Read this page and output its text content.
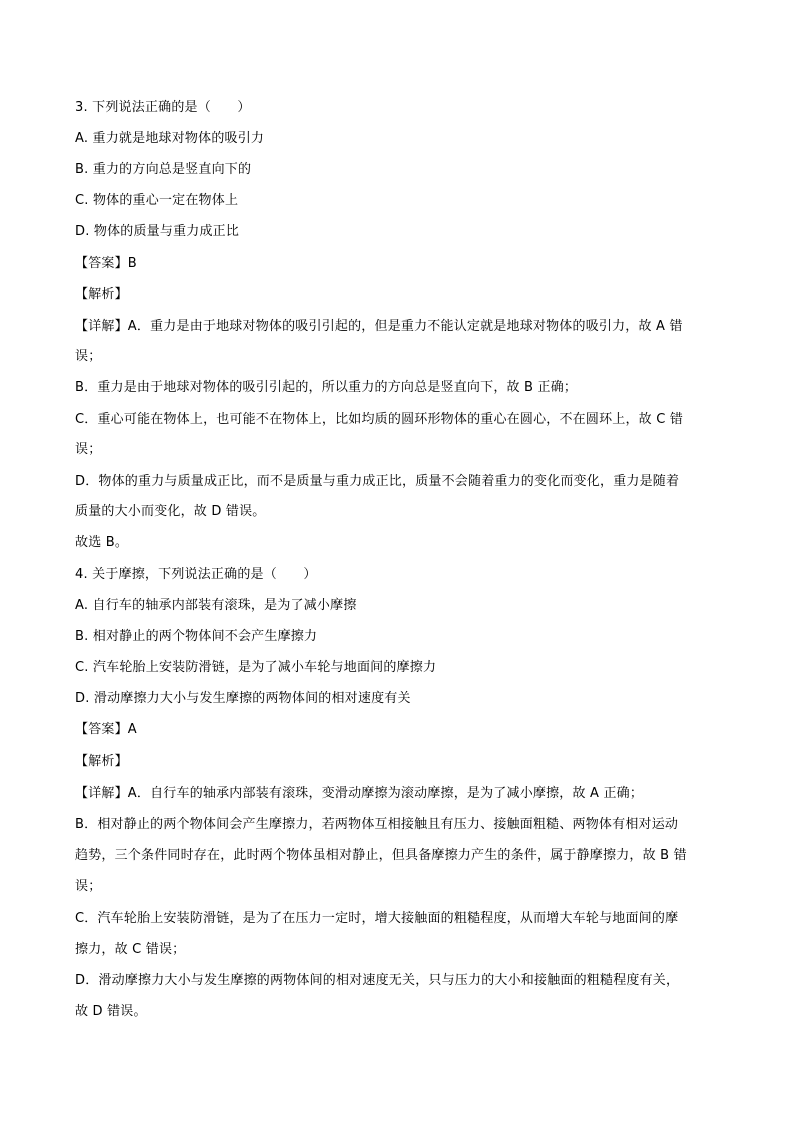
3. 下列说法正确的是（　　）
A. 重力就是地球对物体的吸引力
B. 重力的方向总是竖直向下的
C. 物体的重心一定在物体上
D. 物体的质量与重力成正比
【答案】B
【解析】
【详解】A．重力是由于地球对物体的吸引引起的，但是重力不能认定就是地球对物体的吸引力，故 A 错
误；
B．重力是由于地球对物体的吸引引起的，所以重力的方向总是竖直向下，故 B 正确；
C．重心可能在物体上，也可能不在物体上，比如均质的圆环形物体的重心在圆心，不在圆环上，故 C 错
误；
D．物体的重力与质量成正比，而不是质量与重力成正比，质量不会随着重力的变化而变化，重力是随着
质量的大小而变化，故 D 错误。
故选 B。
4. 关于摩擦，下列说法正确的是（　　）
A. 自行车的轴承内部装有滚珠，是为了减小摩擦
B. 相对静止的两个物体间不会产生摩擦力
C. 汽车轮胎上安装防滑链，是为了减小车轮与地面间的摩擦力
D. 滑动摩擦力大小与发生摩擦的两物体间的相对速度有关
【答案】A
【解析】
【详解】A．自行车的轴承内部装有滚珠，变滑动摩擦为滚动摩擦，是为了减小摩擦，故 A 正确；
B．相对静止的两个物体间会产生摩擦力，若两物体互相接触且有压力、接触面粗糙、两物体有相对运动
趋势，三个条件同时存在，此时两个物体虽相对静止，但具备摩擦力产生的条件，属于静摩擦力，故 B 错
误；
C．汽车轮胎上安装防滑链，是为了在压力一定时，增大接触面的粗糙程度，从而增大车轮与地面间的摩
擦力，故 C 错误；
D．滑动摩擦力大小与发生摩擦的两物体间的相对速度无关，只与压力的大小和接触面的粗糙程度有关，
故 D 错误。
